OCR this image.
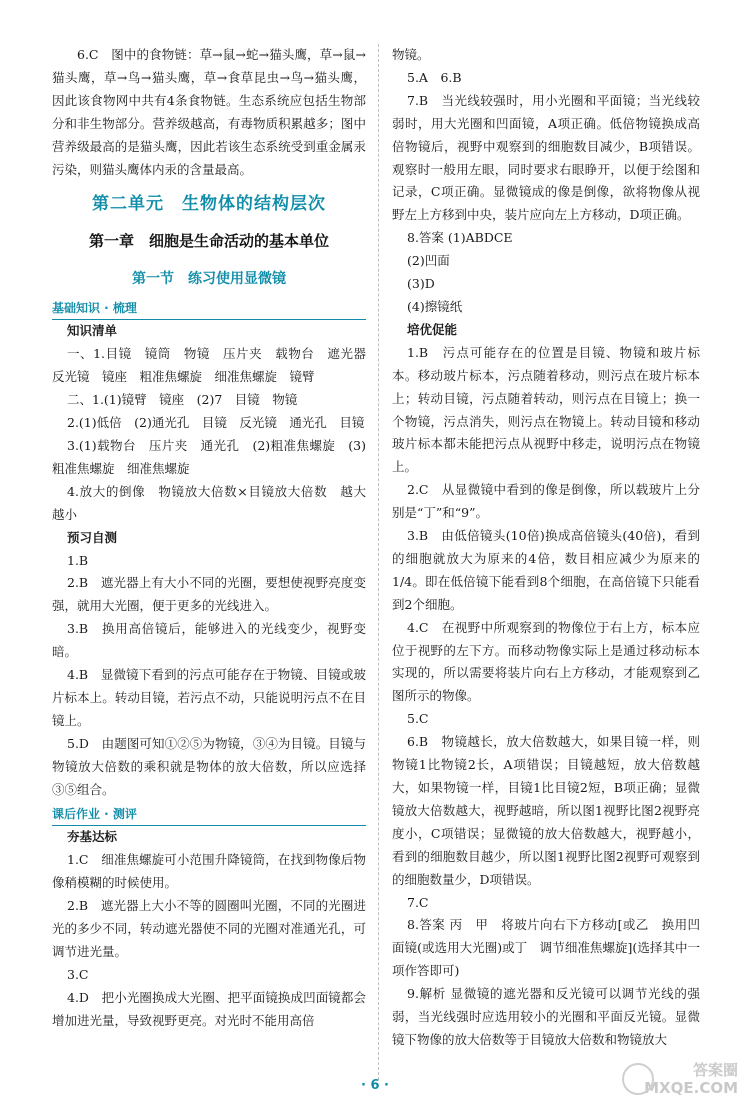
6.C　图中的食物链：草→鼠→蛇→猫头鹰，草→鼠→猫头鹰，草→鸟→猫头鹰，草→食草昆虫→鸟→猫头鹰，因此该食物网中共有4条食物链。生态系统应包括生物部分和非生物部分。营养级越高，有毒物质积累越多；图中营养级最高的是猫头鹰，因此若该生态系统受到重金属汞污染，则猫头鹰体内汞的含量最高。

第二单元　生物体的结构层次
第一章　细胞是生命活动的基本单位
第一节　练习使用显微镜
基础知识 · 梳理
知识清单

一、1.目镜　镜筒　物镜　压片夹　载物台　遮光器　反光镜　镜座　粗准焦螺旋　细准焦螺旋　镜臂

二、1.(1)镜臂　镜座　(2)7　目镜　物镜

2.(1)低倍　(2)通光孔　目镜　反光镜　通光孔　目镜

3.(1)载物台　压片夹　通光孔　(2)粗准焦螺旋　(3)粗准焦螺旋　细准焦螺旋

4.放大的倒像　物镜放大倍数×目镜放大倍数　越大　越小

预习自测

1.B

2.B　遮光器上有大小不同的光圈，要想使视野亮度变强，就用大光圈，便于更多的光线进入。

3.B　换用高倍镜后，能够进入的光线变少，视野变暗。

4.B　显微镜下看到的污点可能存在于物镜、目镜或玻片标本上。转动目镜，若污点不动，只能说明污点不在目镜上。

5.D　由题图可知①②⑤为物镜，③④为目镜。目镜与物镜放大倍数的乘积就是物体的放大倍数，所以应选择③⑤组合。

课后作业 · 测评
夯基达标

1.C　细准焦螺旋可小范围升降镜筒，在找到物像后物像稍模糊的时候使用。

2.B　遮光器上大小不等的圆圈叫光圈，不同的光圈进光的多少不同，转动遮光器使不同的光圈对准通光孔，可调节进光量。

3.C

4.D　把小光圈换成大光圈、把平面镜换成凹面镜都会增加进光量，导致视野更亮。对光时不能用高倍

物镜。

5.A　6.B

7.B　当光线较强时，用小光圈和平面镜；当光线较弱时，用大光圈和凹面镜，A项正确。低倍物镜换成高倍物镜后，视野中观察到的细胞数目减少，B项错误。观察时一般用左眼，同时要求右眼睁开，以便于绘图和记录，C项正确。显微镜成的像是倒像，欲将物像从视野左上方移到中央，装片应向左上方移动，D项正确。

8.答案 (1)ABDCE

(2)凹面

(3)D

(4)擦镜纸

培优促能

1.B　污点可能存在的位置是目镜、物镜和玻片标本。移动玻片标本，污点随着移动，则污点在玻片标本上；转动目镜，污点随着转动，则污点在目镜上；换一个物镜，污点消失，则污点在物镜上。转动目镜和移动玻片标本都未能把污点从视野中移走，说明污点在物镜上。

2.C　从显微镜中看到的像是倒像，所以载玻片上分别是“丁”和“9”。

3.B　由低倍镜头(10倍)换成高倍镜头(40倍)，看到的细胞就放大为原来的4倍，数目相应减少为原来的1/4。即在低倍镜下能看到8个细胞，在高倍镜下只能看到2个细胞。

4.C　在视野中所观察到的物像位于右上方，标本应位于视野的左下方。而移动物像实际上是通过移动标本实现的，所以需要将装片向右上方移动，才能观察到乙图所示的物像。

5.C

6.B　物镜越长，放大倍数越大，如果目镜一样，则物镜1比物镜2长，A项错误；目镜越短，放大倍数越大，如果物镜一样，目镜1比目镜2短，B项正确；显微镜放大倍数越大，视野越暗，所以图1视野比图2视野亮度小，C项错误；显微镜的放大倍数越大，视野越小，看到的细胞数目越少，所以图1视野比图2视野可观察到的细胞数量少，D项错误。

7.C

8.答案 丙　甲　将玻片向右下方移动[或乙　换用凹面镜(或选用大光圈)或丁　调节细准焦螺旋](选择其中一项作答即可)

9.解析 显微镜的遮光器和反光镜可以调节光线的强弱，当光线强时应选用较小的光圈和平面反光镜。显微镜下物像的放大倍数等于目镜放大倍数和物镜放大

· 6 ·
答案圈
MXQE.COM
